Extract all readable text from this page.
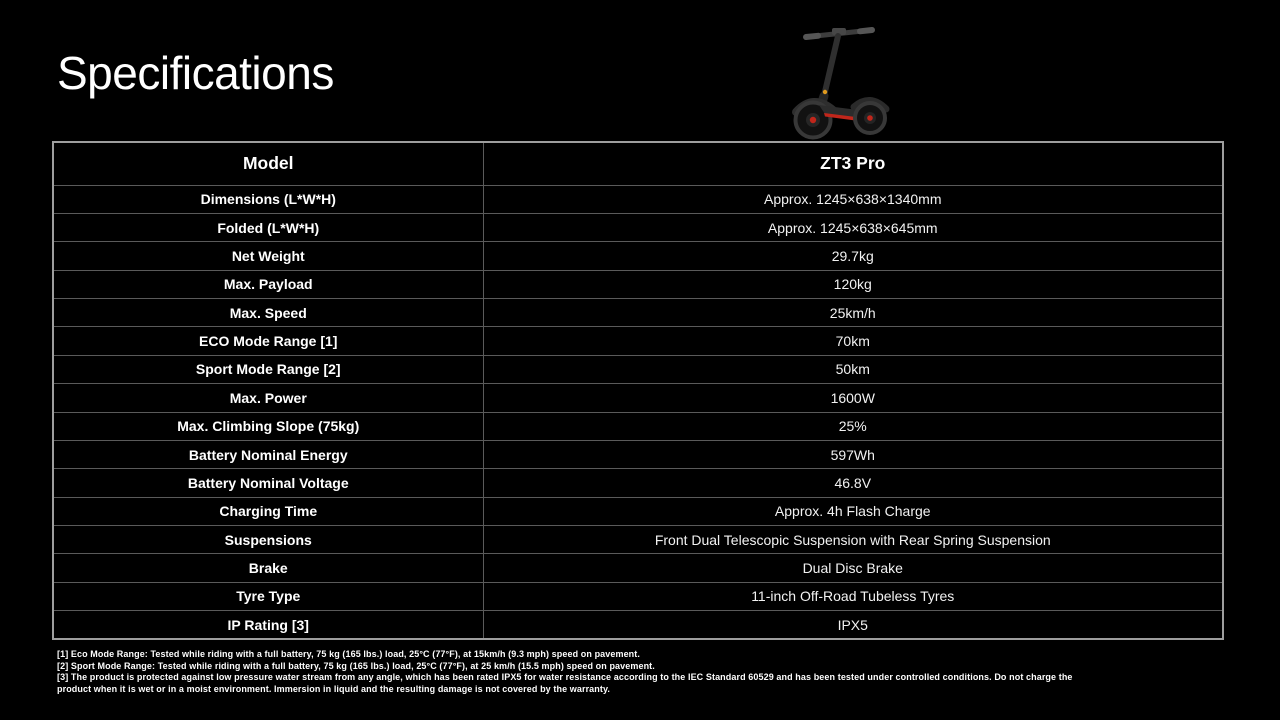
Specifications
Model	ZT3 Pro
Dimensions (L*W*H)	Approx. 1245×638×1340mm
Folded (L*W*H)	Approx. 1245×638×645mm
Net Weight	29.7kg
Max. Payload	120kg
Max. Speed	25km/h
ECO Mode Range [1]	70km
Sport Mode Range [2]	50km
Max. Power	1600W
Max. Climbing Slope (75kg)	25%
Battery Nominal Energy	597Wh
Battery Nominal Voltage	46.8V
Charging Time	Approx. 4h Flash Charge
Suspensions	Front Dual Telescopic Suspension with Rear Spring Suspension
Brake	Dual Disc Brake
Tyre Type	11-inch Off-Road Tubeless Tyres
IP Rating [3]	IPX5

[1] Eco Mode Range: Tested while riding with a full battery, 75 kg (165 lbs.) load, 25°C (77°F), at 15km/h (9.3 mph) speed on pavement.

[2] Sport Mode Range: Tested while riding with a full battery, 75 kg (165 lbs.) load, 25°C (77°F), at 25 km/h (15.5 mph) speed on pavement.

[3] The product is protected against low pressure water stream from any angle, which has been rated IPX5 for water resistance according to the IEC Standard 60529 and has been tested under controlled conditions. Do not charge the product when it is wet or in a moist environment. Immersion in liquid and the resulting damage is not covered by the warranty.
